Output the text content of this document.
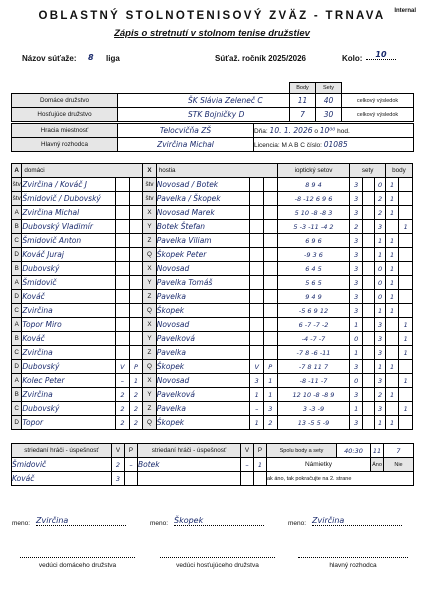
OBLASTNÝ STOLNOTENISOVÝ ZVÄZ - TRNAVA	Internal
Zápis o stretnutí v stolnom tenise družstiev
Názov súťaže: 8 liga	Súťaž. ročník 2025/2026	Kolo:	10
		Body	Sety	
Domáce družstvo	ŠK Slávia Zeleneč C	11	40	celkový výsledok
Hosťujúce družstvo	STK Bojničky D	7	30	celkový výsledok
Hracia miestnosť	Telocvičňa ZŠ	Dňa: 10. 1. 2026 o 10⁰⁰ hod.
Hlavný rozhodca	Zvirčina Michal	Licencia: M A B C číslo: 01085
A	domáci			X	hostia			ioptický setov	sety			body	
štv	Zvirčina / Kováč J			štv	Novosad / Botek			8 9 4	3		0	1	
štv	Šmidovič / Dubovský			štv	Pavelka / Škopek			-8 -12 6 9 6	3		2	1	
A	Zvirčina Michal			X	Novosad Marek			5 10 -8 -8 3	3		2	1	
B	Dubovský Vladimír			Y	Botek Štefan			5 -3 -11 -4 2	2		3		1
C	Šmidovič Anton			Z	Pavelka Viliam			6 9 6	3		1	1	
D	Kováč Juraj			Q	Škopek Peter			-9 3 6	3		1	1	
B	Dubovský			X	Novosad			6 4 5	3		0	1	
A	Šmidovič			Y	Pavelka Tomáš			5 6 5	3		0	1	
D	Kováč			Z	Pavelka			9 4 9	3		0	1	
C	Zvirčina			Q	Škopek			-5 6 9 12	3		1	1	
A	Topor Miro			X	Novosad			6 -7 -7 -2	1		3		1
B	Kováč			Y	Pavelková			-4 -7 -7	0		3		1
C	Zvirčina			Z	Pavelka			-7 8 -6 -11	1		3		1
D	Dubovský	V	P	Q	Škopek	V	P	-7 8 11 7	3		1	1	
A	Kolec Peter	–	1	X	Novosad	3	1	-8 -11 -7	0		3		1
B	Zvirčina	2	2	Y	Pavelková	1	1	12 10 -8 -8 9	3		2	1	
C	Dubovský	2	2	Z	Pavelka	–	3	3 -3 -9	1		3		1
D	Topor	2	2	Q	Škopek	1	2	13 -5 5 -9	3		1	1	
striedaní hráči - úspešnosť	V	P	striedaní hráči - úspešnosť	V	P	Spolu body a sety	40:30	11	7
Šmidovič	2	–	Botek	–	1	Námietky		Áno	Nie
Kováč	3					ak áno, tak pokračujte na 2. strane			
meno: Zvirčina	meno: Škopek	meno: Zvirčina
vedúci domáceho družstva	vedúci hosťujúceho družstva	hlavný rozhodca
